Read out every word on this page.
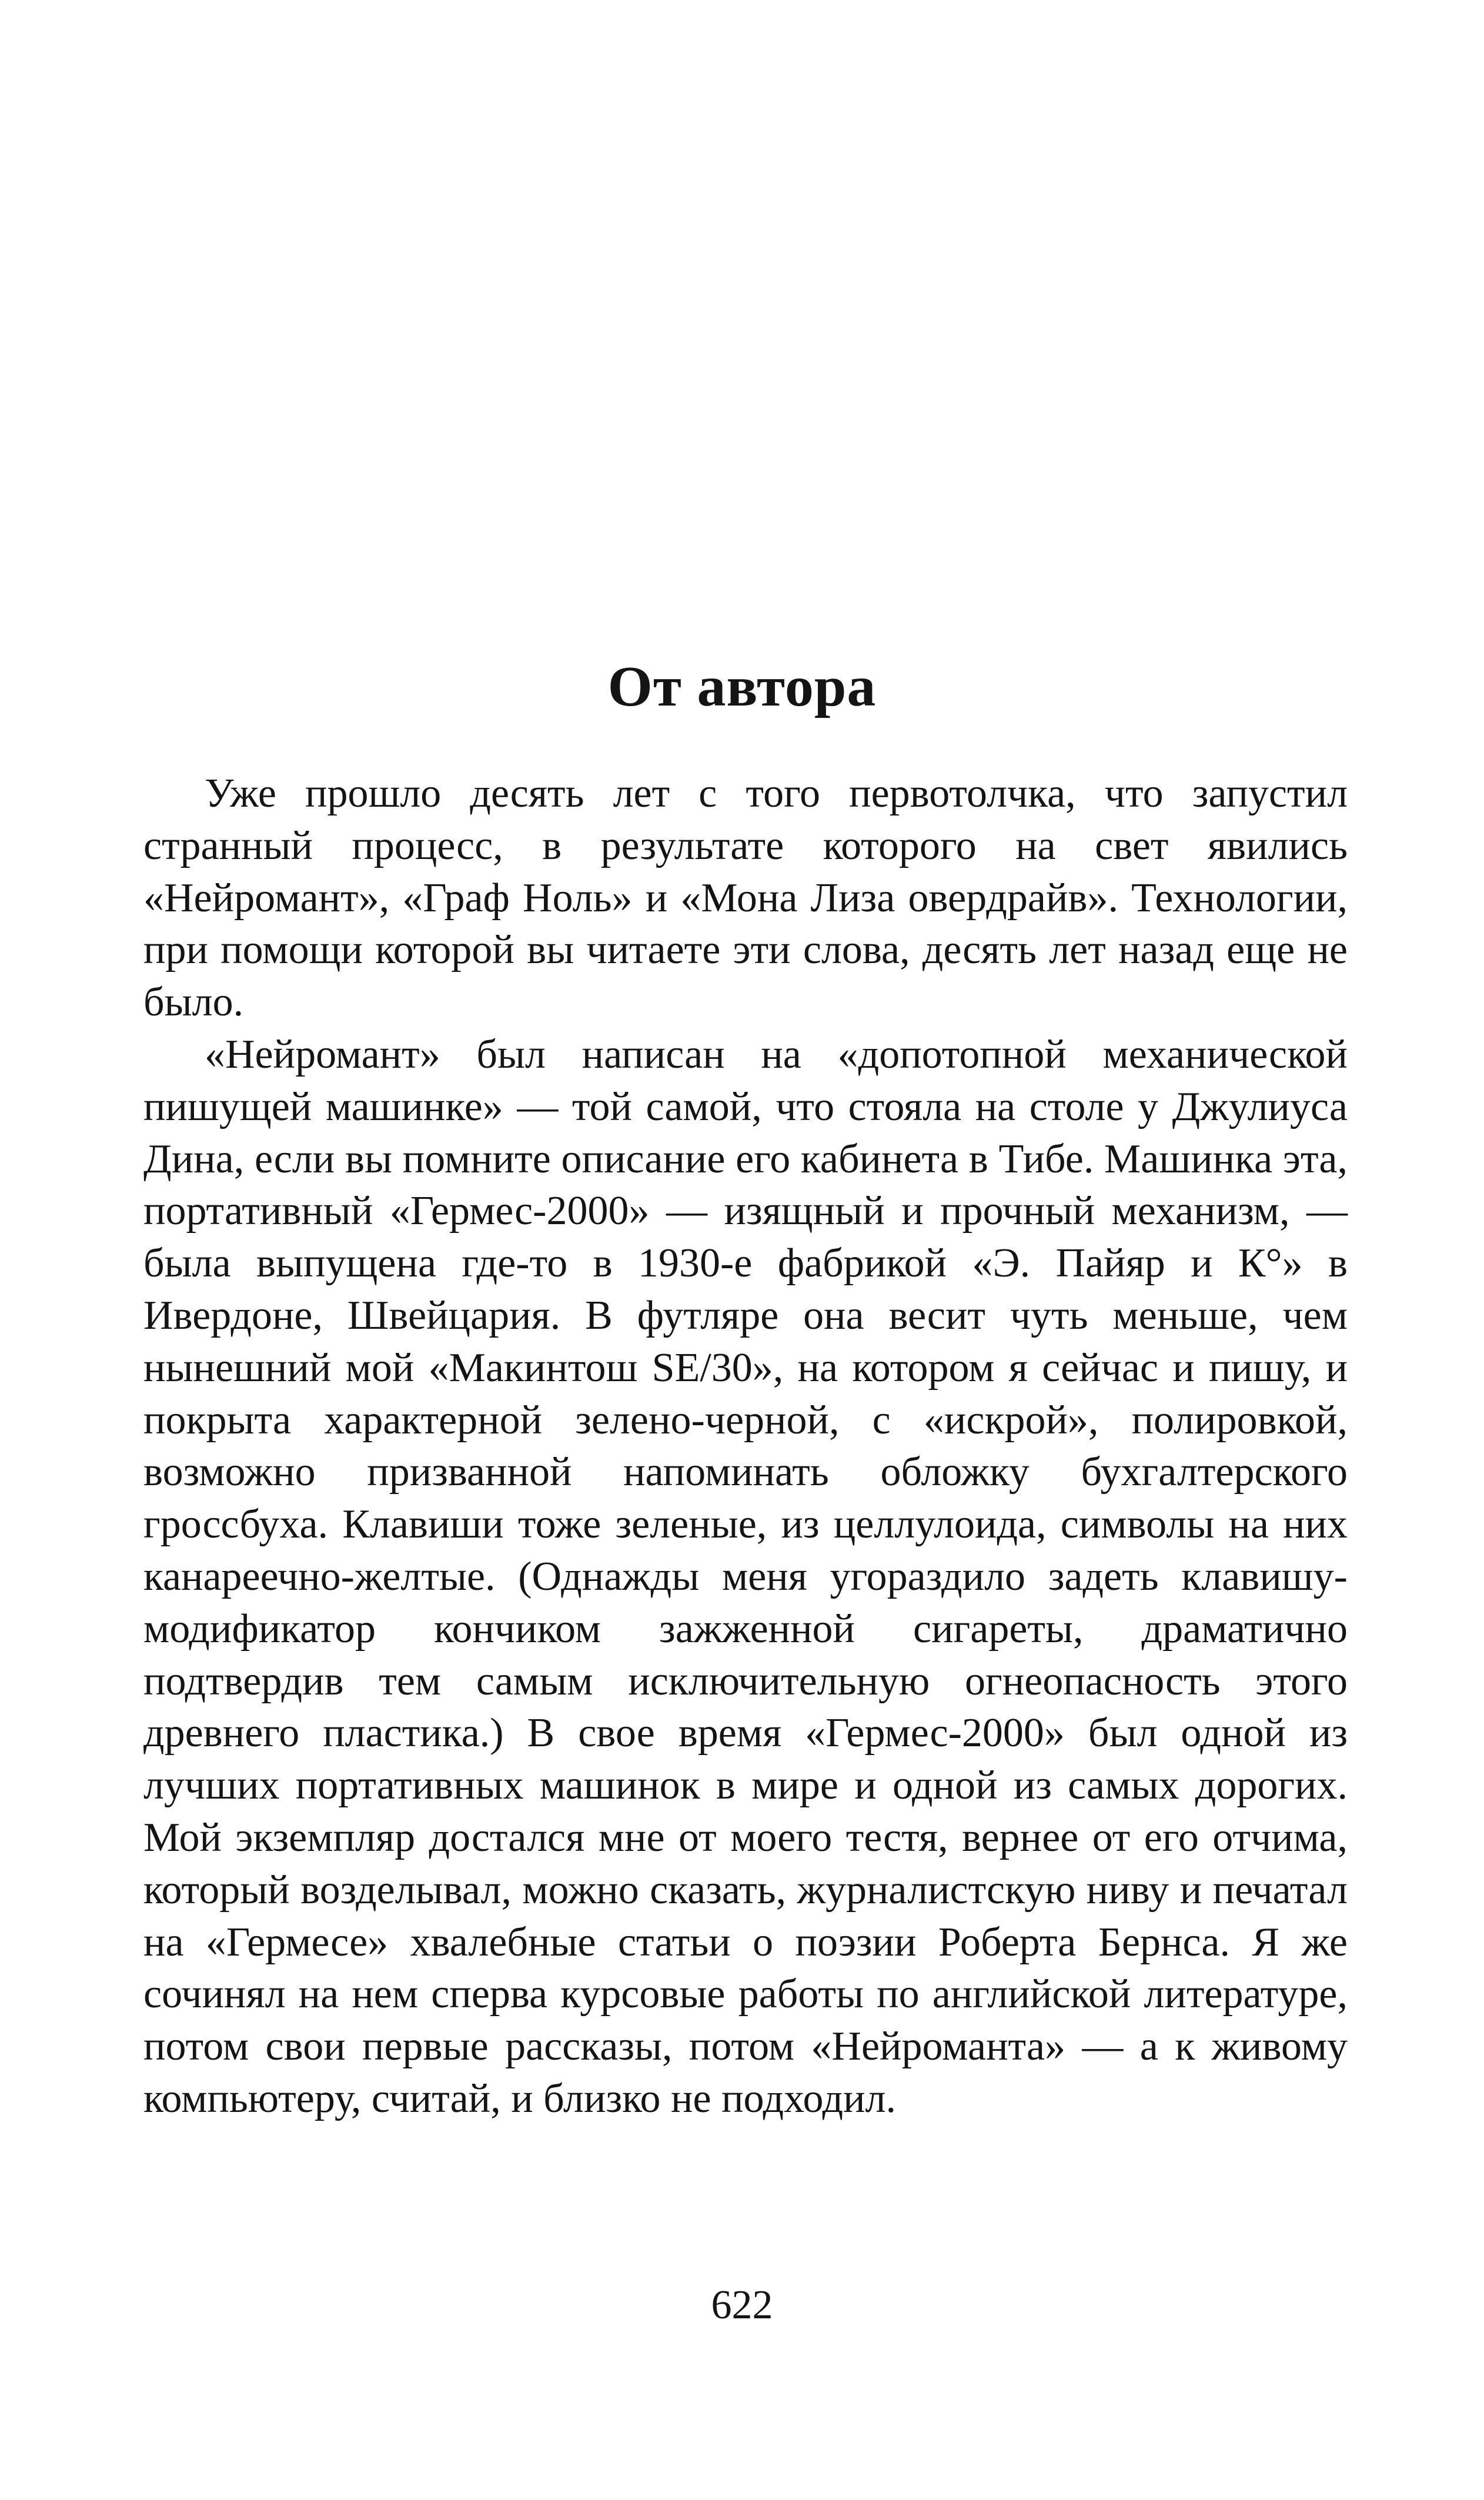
От автора

Уже прошло десять лет с того первотолчка, что запустил странный процесс, в результате которого на свет явились «Нейромант», «Граф Ноль» и «Мона Лиза овердрайв». Технологии, при помощи которой вы читаете эти слова, десять лет назад еще не было.

«Нейромант» был написан на «допотопной механической пишущей машинке» — той самой, что стояла на столе у Джулиуса Дина, если вы помните описание его кабинета в Тибе. Машинка эта, портативный «Гермес-2000» — изящный и прочный механизм, — была выпущена где-то в 1930-е фабрикой «Э. Пайяр и К°» в Ивердоне, Швейцария. В футляре она весит чуть меньше, чем нынешний мой «Макинтош SE/30», на котором я сейчас и пишу, и покрыта характерной зелено-черной, с «искрой», полировкой, возможно призванной напоминать обложку бухгалтерского гроссбуха. Клавиши тоже зеленые, из целлулоида, символы на них канареечно-желтые. (Однажды меня угораздило задеть клавишу-модификатор кончиком зажженной сигареты, драматично подтвердив тем самым исключительную огнеопасность этого древнего пластика.) В свое время «Гермес-2000» был одной из лучших портативных машинок в мире и одной из самых дорогих. Мой экземпляр достался мне от моего тестя, вернее от его отчима, который возделывал, можно сказать, журналистскую ниву и печатал на «Гермесе» хвалебные статьи о поэзии Роберта Бернса. Я же сочинял на нем сперва курсовые работы по английской литературе, потом свои первые рассказы, потом «Нейроманта» — а к живому компьютеру, считай, и близко не подходил.

622
